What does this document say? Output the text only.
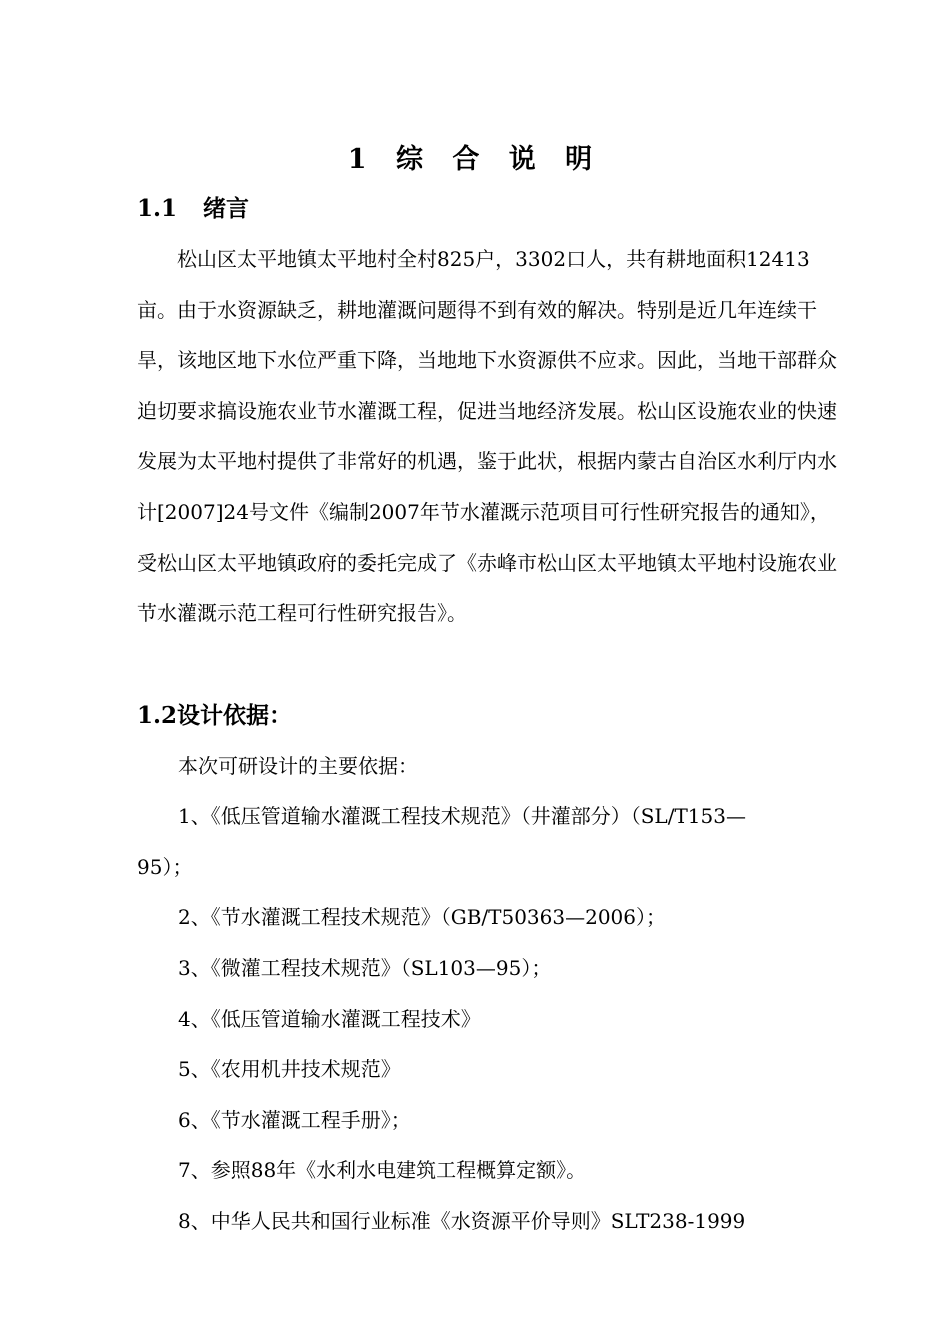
1 综 合 说 明
1.1 绪言
松山区太平地镇太平地村全村825户，3302口人，共有耕地面积12413亩。由于水资源缺乏，耕地灌溉问题得不到有效的解决。特别是近几年连续干旱，该地区地下水位严重下降，当地地下水资源供不应求。因此，当地干部群众迫切要求搞设施农业节水灌溉工程，促进当地经济发展。松山区设施农业的快速发展为太平地村提供了非常好的机遇，鉴于此状，根据内蒙古自治区水利厅内水计[2007]24号文件《编制2007年节水灌溉示范项目可行性研究报告的通知》，受松山区太平地镇政府的委托完成了《赤峰市松山区太平地镇太平地村设施农业节水灌溉示范工程可行性研究报告》。
1.2设计依据：
本次可研设计的主要依据：
1、《低压管道输水灌溉工程技术规范》（井灌部分）（SL/T153—
95）；
2、《节水灌溉工程技术规范》（GB/T50363—2006）；
3、《微灌工程技术规范》（SL103—95）；
4、《低压管道输水灌溉工程技术》
5、《农用机井技术规范》
6、《节水灌溉工程手册》；
7、参照88年《水利水电建筑工程概算定额》。
8、中华人民共和国行业标准《水资源平价导则》SLT238-1999
